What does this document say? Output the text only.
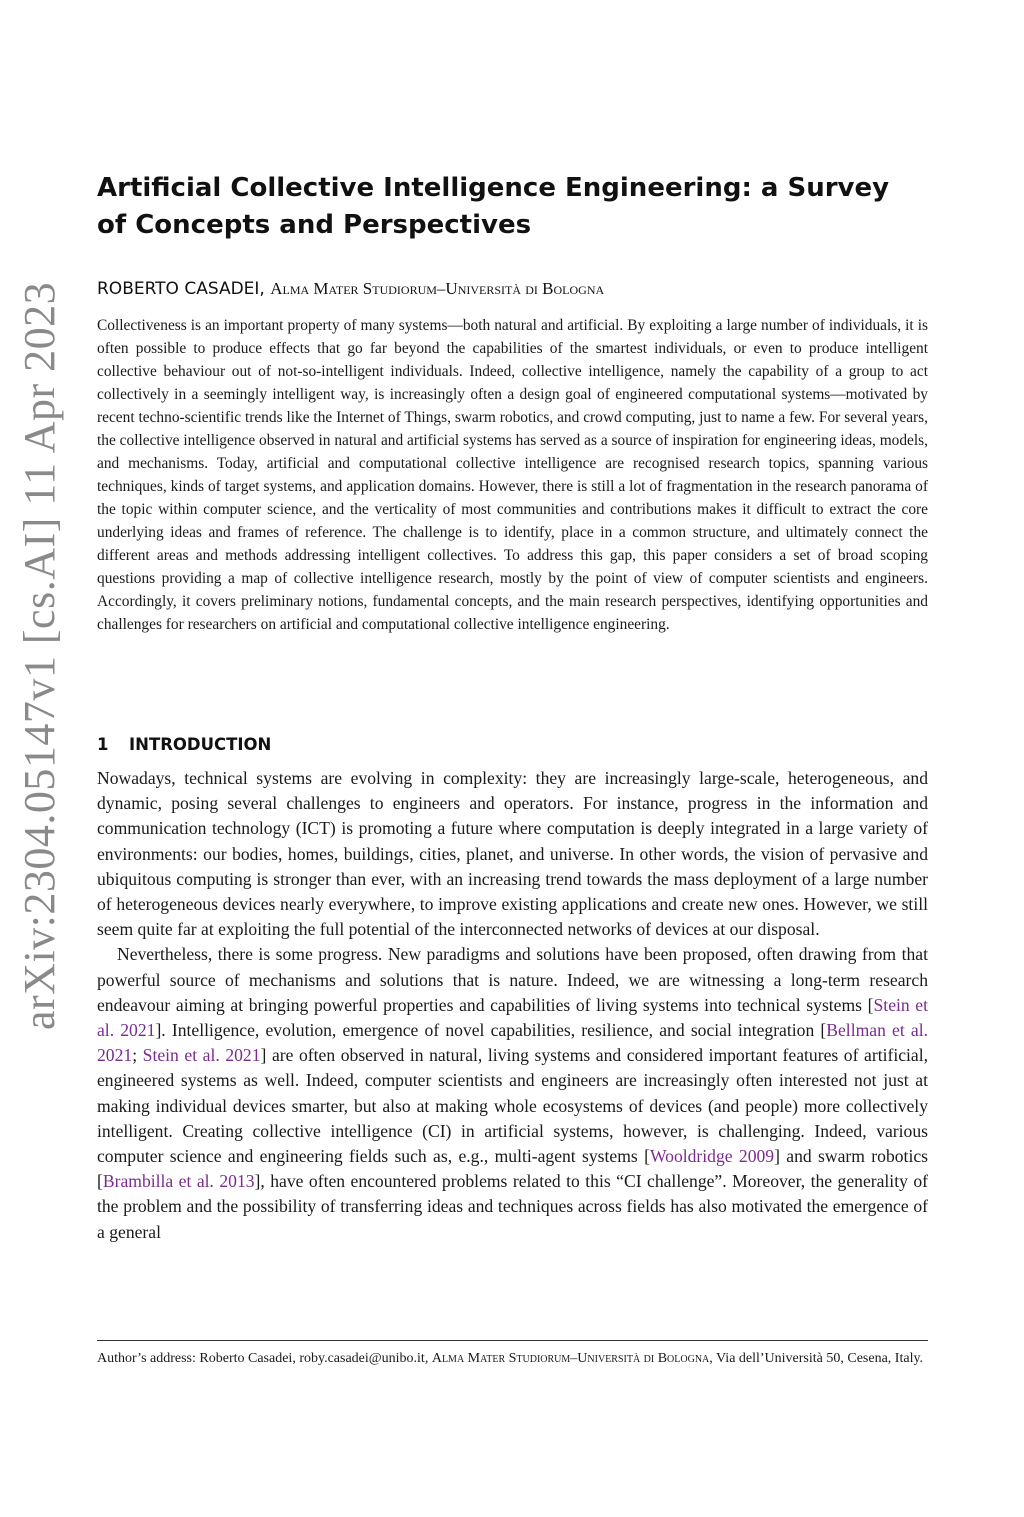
arXiv:2304.05147v1 [cs.AI] 11 Apr 2023
Artificial Collective Intelligence Engineering: a Survey of Concepts and Perspectives
ROBERTO CASADEI, Alma Mater Studiorum–Università di Bologna

Collectiveness is an important property of many systems—both natural and artificial. By exploiting a large number of individuals, it is often possible to produce effects that go far beyond the capabilities of the smartest individuals, or even to produce intelligent collective behaviour out of not-so-intelligent individuals. Indeed, collective intelligence, namely the capability of a group to act collectively in a seemingly intelligent way, is increasingly often a design goal of engineered computational systems—motivated by recent techno-scientific trends like the Internet of Things, swarm robotics, and crowd computing, just to name a few. For several years, the collective intelligence observed in natural and artificial systems has served as a source of inspiration for engineering ideas, models, and mechanisms. Today, artificial and computational collective intelligence are recognised research topics, spanning various techniques, kinds of target systems, and application domains. However, there is still a lot of fragmentation in the research panorama of the topic within computer science, and the verticality of most communities and contributions makes it difficult to extract the core underlying ideas and frames of reference. The challenge is to identify, place in a common structure, and ultimately connect the different areas and methods addressing intelligent collectives. To address this gap, this paper considers a set of broad scoping questions providing a map of collective intelligence research, mostly by the point of view of computer scientists and engineers. Accordingly, it covers preliminary notions, fundamental concepts, and the main research perspectives, identifying opportunities and challenges for researchers on artificial and computational collective intelligence engineering.

1 INTRODUCTION

Nowadays, technical systems are evolving in complexity: they are increasingly large-scale, heterogeneous, and dynamic, posing several challenges to engineers and operators. For instance, progress in the information and communication technology (ICT) is promoting a future where computation is deeply integrated in a large variety of environments: our bodies, homes, buildings, cities, planet, and universe. In other words, the vision of pervasive and ubiquitous computing is stronger than ever, with an increasing trend towards the mass deployment of a large number of heterogeneous devices nearly everywhere, to improve existing applications and create new ones. However, we still seem quite far at exploiting the full potential of the interconnected networks of devices at our disposal.

Nevertheless, there is some progress. New paradigms and solutions have been proposed, often drawing from that powerful source of mechanisms and solutions that is nature. Indeed, we are witnessing a long-term research endeavour aiming at bringing powerful properties and capabilities of living systems into technical systems [Stein et al. 2021]. Intelligence, evolution, emergence of novel capabilities, resilience, and social integration [Bellman et al. 2021; Stein et al. 2021] are often observed in natural, living systems and considered important features of artificial, engineered systems as well. Indeed, computer scientists and engineers are increasingly often interested not just at making individual devices smarter, but also at making whole ecosystems of devices (and people) more collectively intelligent. Creating collective intelligence (CI) in artificial systems, however, is challenging. Indeed, various computer science and engineering fields such as, e.g., multi-agent systems [Wooldridge 2009] and swarm robotics [Brambilla et al. 2013], have often encountered problems related to this “CI challenge”. Moreover, the generality of the problem and the possibility of transferring ideas and techniques across fields has also motivated the emergence of a general

Author’s address: Roberto Casadei, roby.casadei@unibo.it, Alma Mater Studiorum–Università di Bologna, Via dell’Università 50, Cesena, Italy.
